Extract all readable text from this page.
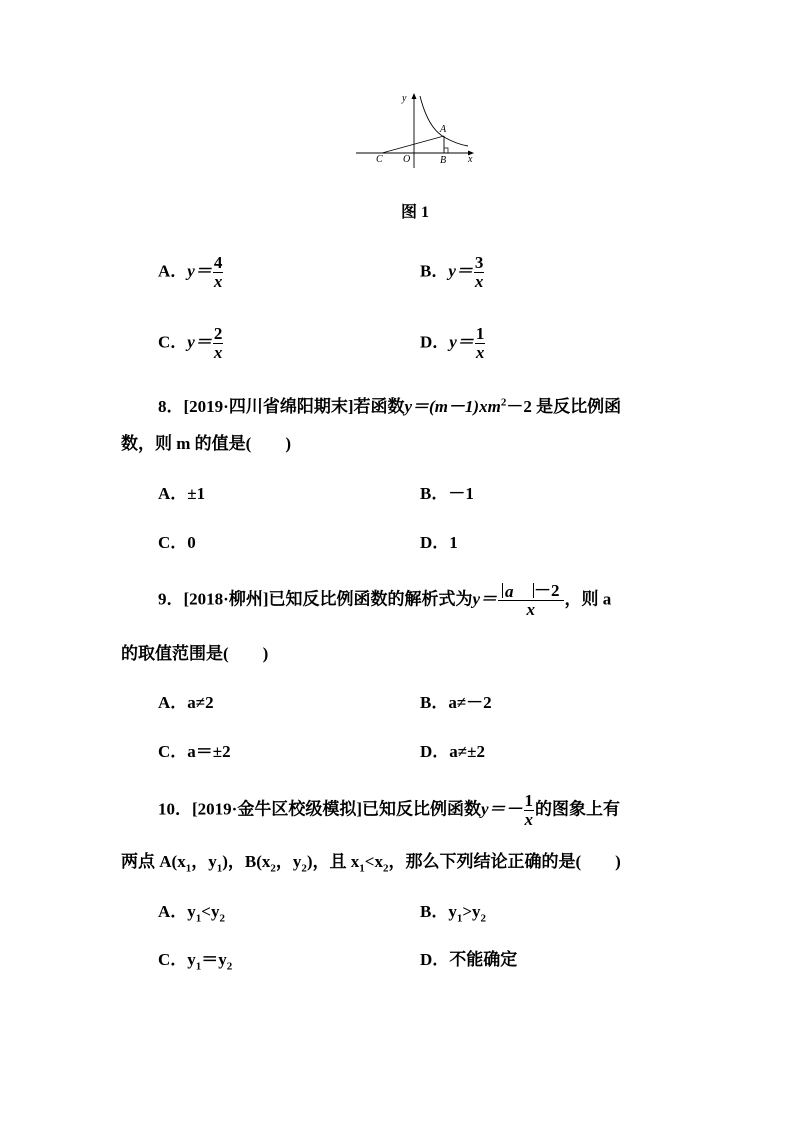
y
x
O
A
B
C
图 1
A．$y= \frac{4}{x}$	B．$y= \frac{3}{x}$
C．$y= \frac{2}{x}$	D．$y= \frac{1}{x}$
8．[2019·四川省绵阳期末]若函数$y=(m-1)xm^2-2$ 是反比例函
数，则 m 的值是(　　)
A．±1	B．－1
C．0	D．1
9．[2018·柳州]已知反比例函数的解析式为$y= \frac{a -2}{x}$ ，则 a
的取值范围是(　　)
A．a≠2	B．a≠－2
C．a＝±2	D．a≠±2
10．[2019·金牛区校级模拟]已知反比例函数$y=- \frac{1}{x}$ 的图象上有
两点 $A(x_1$，$y_1$)，$B(x_2$，$y_2$)，且 $x_1<x_2$，那么下列结论正确的是(　　)
A．$y_1<y_2$	B．$y_1>y_2$
C．$y_1=y_2$	D．不能确定
